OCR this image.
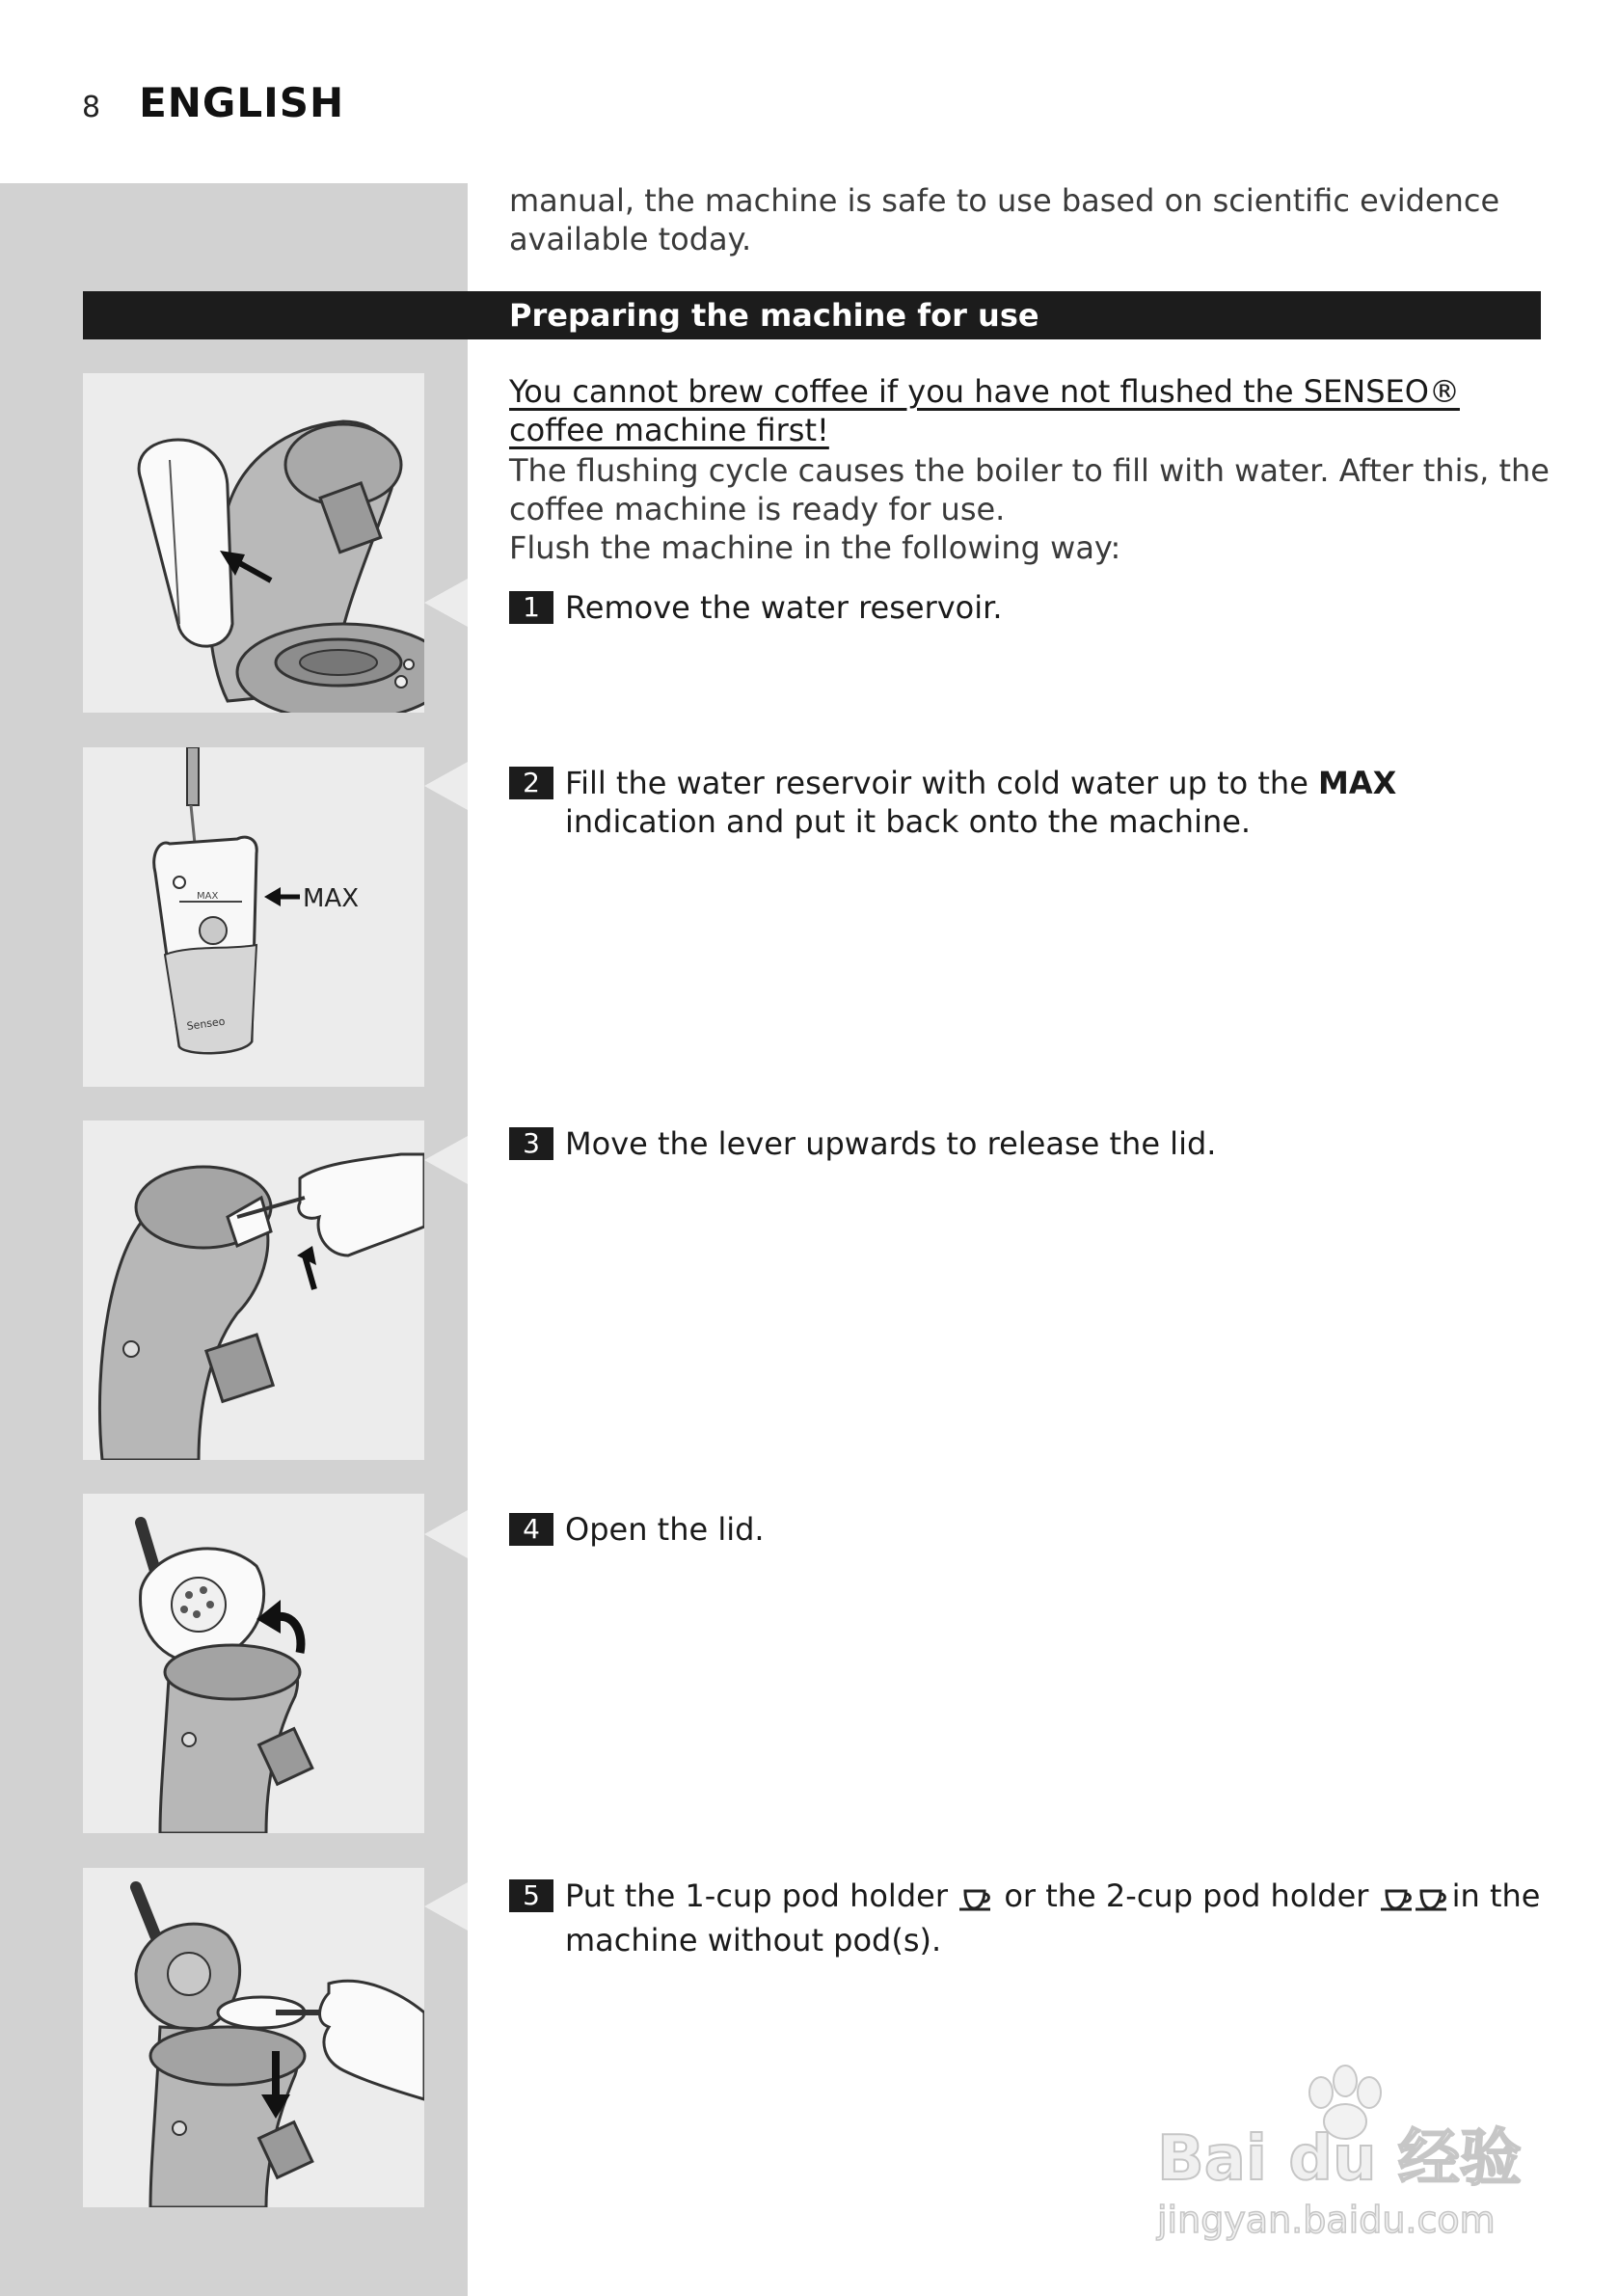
8 ENGLISH
manual, the machine is safe to use based on scientific evidence available today.
Preparing the machine for use
You cannot brew coffee if you have not flushed the SENSEO® coffee machine first!
The flushing cycle causes the boiler to fill with water. After this, the coffee machine is ready for use.
Flush the machine in the following way:
MAX
Senseo
MAX
1 Remove the water reservoir.
2 Fill the water reservoir with cold water up to the MAX indication and put it back onto the machine.
3 Move the lever upwards to release the lid.
4 Open the lid.
5 Put the 1-cup pod holder  or the 2-cup pod holder in the machine without pod(s).
Bai du 经验
jingyan.baidu.com
